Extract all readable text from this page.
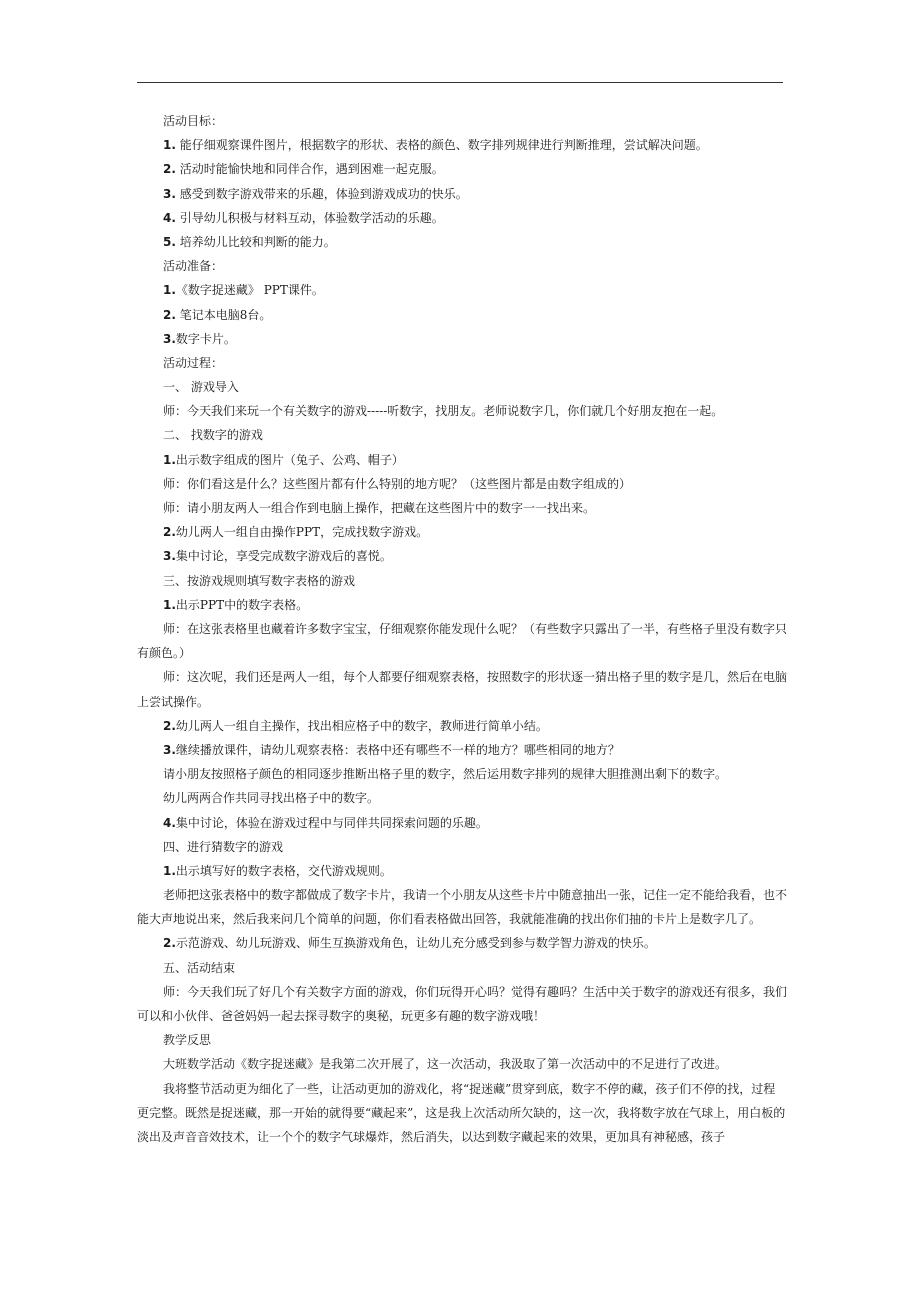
活动目标：
1. 能仔细观察课件图片，根据数字的形状、表格的颜色、数字排列规律进行判断推理，尝试解决问题。
2. 活动时能愉快地和同伴合作，遇到困难一起克服。
3. 感受到数字游戏带来的乐趣，体验到游戏成功的快乐。
4. 引导幼儿积极与材料互动，体验数学活动的乐趣。
5. 培养幼儿比较和判断的能力。
活动准备：
1.《数字捉迷藏》 PPT课件。
2. 笔记本电脑8台。
3.数字卡片。
活动过程：
一、 游戏导入
师：今天我们来玩一个有关数字的游戏-----听数字，找朋友。老师说数字几，你们就几个好朋友抱在一起。
二、 找数字的游戏
1.出示数字组成的图片（兔子、公鸡、帽子）
师：你们看这是什么？这些图片都有什么特别的地方呢？（这些图片都是由数字组成的）
师：请小朋友两人一组合作到电脑上操作，把藏在这些图片中的数字一一找出来。
2.幼儿两人一组自由操作PPT，完成找数字游戏。
3.集中讨论，享受完成数字游戏后的喜悦。
三、按游戏规则填写数字表格的游戏
1.出示PPT中的数字表格。
师：在这张表格里也藏着许多数字宝宝，仔细观察你能发现什么呢？（有些数字只露出了一半，有些格子里没有数字只有颜色。）
师：这次呢，我们还是两人一组，每个人都要仔细观察表格，按照数字的形状逐一猜出格子里的数字是几，然后在电脑上尝试操作。
2.幼儿两人一组自主操作，找出相应格子中的数字，教师进行简单小结。
3.继续播放课件，请幼儿观察表格：表格中还有哪些不一样的地方？哪些相同的地方？
请小朋友按照格子颜色的相同逐步推断出格子里的数字，然后运用数字排列的规律大胆推测出剩下的数字。
幼儿两两合作共同寻找出格子中的数字。
4.集中讨论，体验在游戏过程中与同伴共同探索问题的乐趣。
四、进行猜数字的游戏
1.出示填写好的数字表格，交代游戏规则。
老师把这张表格中的数字都做成了数字卡片，我请一个小朋友从这些卡片中随意抽出一张，记住一定不能给我看，也不能大声地说出来，然后我来问几个简单的问题，你们看表格做出回答，我就能准确的找出你们抽的卡片上是数字几了。
2.示范游戏、幼儿玩游戏、师生互换游戏角色，让幼儿充分感受到参与数学智力游戏的快乐。
五、活动结束
师：今天我们玩了好几个有关数字方面的游戏，你们玩得开心吗？觉得有趣吗？生活中关于数字的游戏还有很多，我们可以和小伙伴、爸爸妈妈一起去探寻数字的奥秘，玩更多有趣的数字游戏哦！
教学反思
大班数学活动《数字捉迷藏》是我第二次开展了，这一次活动，我汲取了第一次活动中的不足进行了改进。
我将整节活动更为细化了一些，让活动更加的游戏化，将“捉迷藏”贯穿到底，数字不停的藏，孩子们不停的找，过程更完整。既然是捉迷藏，那一开始的就得要“藏起来”，这是我上次活动所欠缺的，这一次，我将数字放在气球上，用白板的淡出及声音音效技术，让一个个的数字气球爆炸，然后消失，以达到数字藏起来的效果，更加具有神秘感，孩子
